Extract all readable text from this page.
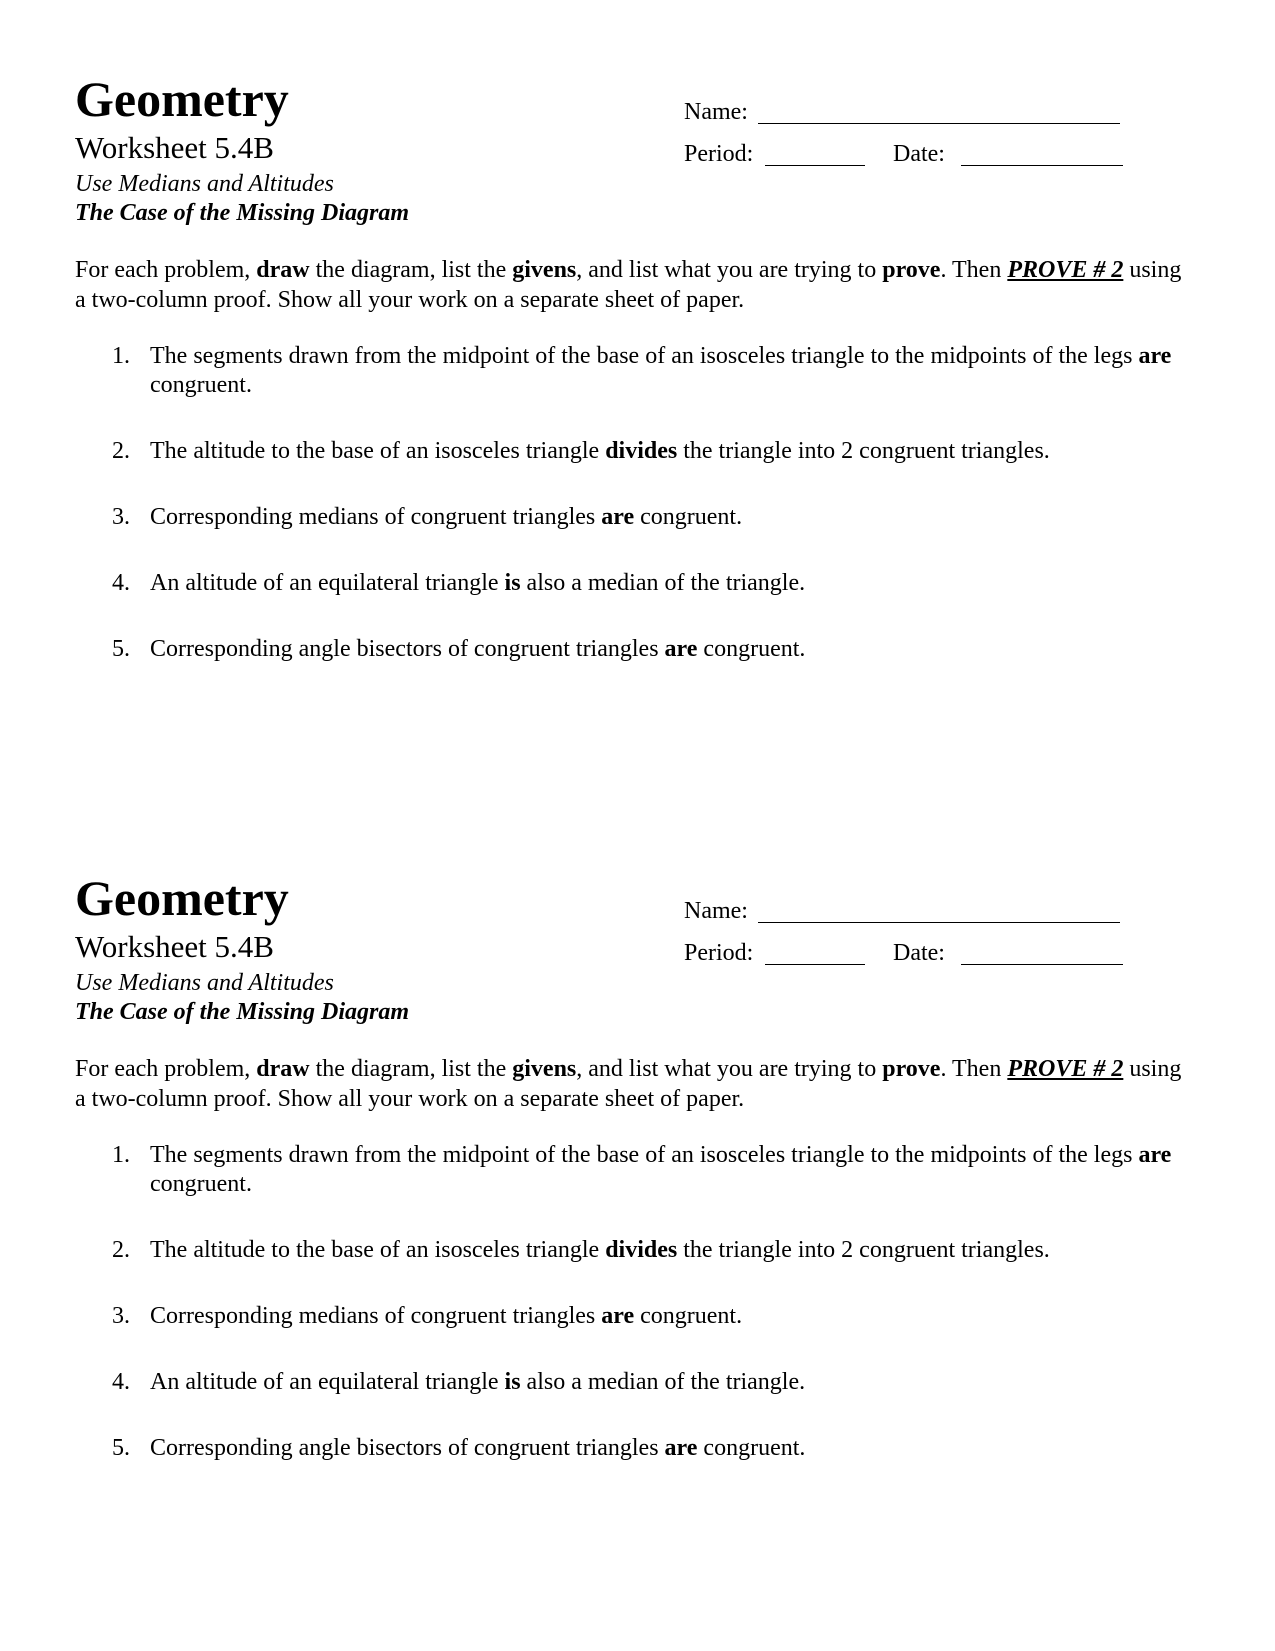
Geometry
Worksheet 5.4B
Use Medians and Altitudes
The Case of the Missing Diagram
Name:
Period:	Date:

For each problem, draw the diagram, list the givens, and list what you are trying to prove. Then PROVE # 2 using a two-column proof. Show all your work on a separate sheet of paper.

1. The segments drawn from the midpoint of the base of an isosceles triangle to the midpoints of the legs are congruent.
2. The altitude to the base of an isosceles triangle divides the triangle into 2 congruent triangles.
3. Corresponding medians of congruent triangles are congruent.
4. An altitude of an equilateral triangle is also a median of the triangle.
5. Corresponding angle bisectors of congruent triangles are congruent.
Geometry
Worksheet 5.4B
Use Medians and Altitudes
The Case of the Missing Diagram
Name:
Period:	Date:

For each problem, draw the diagram, list the givens, and list what you are trying to prove. Then PROVE # 2 using a two-column proof. Show all your work on a separate sheet of paper.

1. The segments drawn from the midpoint of the base of an isosceles triangle to the midpoints of the legs are congruent.
2. The altitude to the base of an isosceles triangle divides the triangle into 2 congruent triangles.
3. Corresponding medians of congruent triangles are congruent.
4. An altitude of an equilateral triangle is also a median of the triangle.
5. Corresponding angle bisectors of congruent triangles are congruent.
